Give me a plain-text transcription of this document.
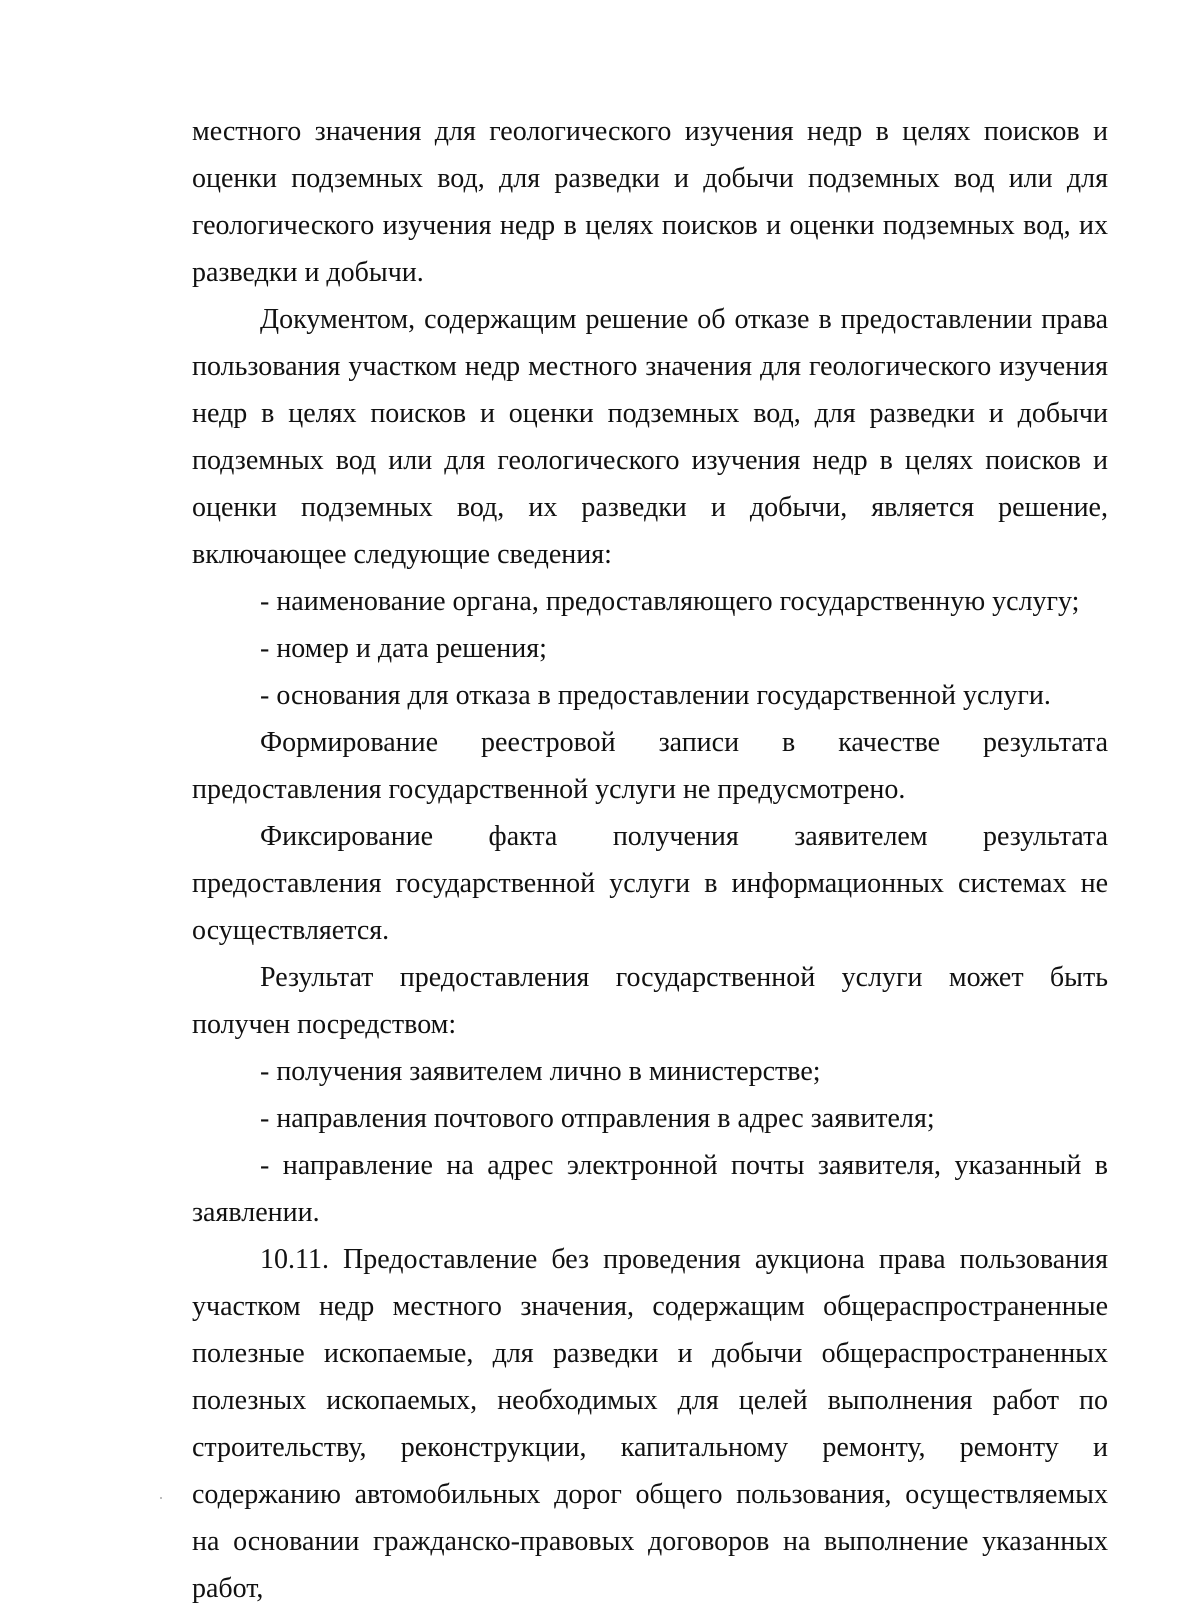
местного значения для геологического изучения недр в целях поисков и оценки подземных вод, для разведки и добычи подземных вод или для геологического изучения недр в целях поисков и оценки подземных вод, их разведки и добычи.

Документом, содержащим решение об отказе в предоставлении права пользования участком недр местного значения для геологического изучения недр в целях поисков и оценки подземных вод, для разведки и добычи подземных вод или для геологического изучения недр в целях поисков и оценки подземных вод, их разведки и добычи, является решение, включающее следующие сведения:

- наименование органа, предоставляющего государственную услугу;

- номер и дата решения;

- основания для отказа в предоставлении государственной услуги.

Формирование реестровой записи в качестве результата предоставления государственной услуги не предусмотрено.

Фиксирование факта получения заявителем результата предоставления государственной услуги в информационных системах не осуществляется.

Результат предоставления государственной услуги может быть получен посредством:

- получения заявителем лично в министерстве;

- направления почтового отправления в адрес заявителя;

- направление на адрес электронной почты заявителя, указанный в заявлении.

10.11. Предоставление без проведения аукциона права пользования участком недр местного значения, содержащим общераспространенные полезные ископаемые, для разведки и добычи общераспространенных полезных ископаемых, необходимых для целей выполнения работ по строительству, реконструкции, капитальному ремонту, ремонту и содержанию автомобильных дорог общего пользования, осуществляемых на основании гражданско-правовых договоров на выполнение указанных работ,
